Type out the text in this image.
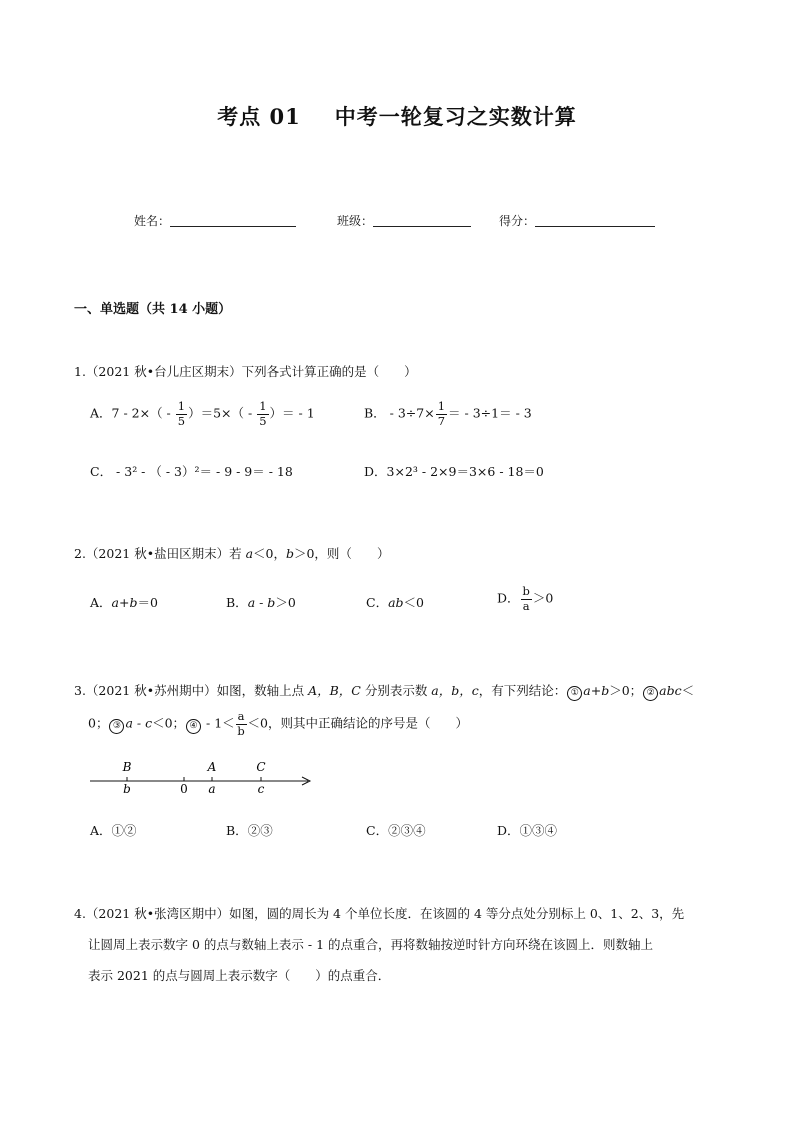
考点 01 中考一轮复习之实数计算
姓名：	班级：	得分：
一、单选题（共 14 小题）
1.（2021 秋•台儿庄区期末）下列各式计算正确的是（　　）
A．$7 - 2\times( - \frac{1}{5} )=5\times( - \frac{1}{5}$ ）＝ - 1	B． - $3\div 7\times \frac{1}{7}$ ＝ - 3÷1＝ - 3
C． - 3² - （ - 3）²＝ - 9 - 9＝ - 18	D．3×2³ - 2×9＝3×6 - 18＝0
2.（2021 秋•盐田区期末）若 a＜0，b＞0，则（　　）
A．a+b＝0	B．a - b＞0	C．ab＜0	D． $\frac{b}{a} >0$
3.（2021 秋•苏州期中）如图，数轴上点 A，B，C 分别表示数 a，b，c，有下列结论： ① a+b＞0； ② abc＜
0； ③ a - c＜0； ④ - $1< \frac{a}{b} <0$，则其中正确结论的序号是（　　）
B
b	0
A
a
C
c
A．①②	B．②③	C．②③④	D．①③④
4.（2021 秋•张湾区期中）如图，圆的周长为 4 个单位长度．在该圆的 4 等分点处分别标上 0、1、2、3，先
让圆周上表示数字 0 的点与数轴上表示 - 1 的点重合，再将数轴按逆时针方向环绕在该圆上．则数轴上
表示 2021 的点与圆周上表示数字（　　）的点重合．
